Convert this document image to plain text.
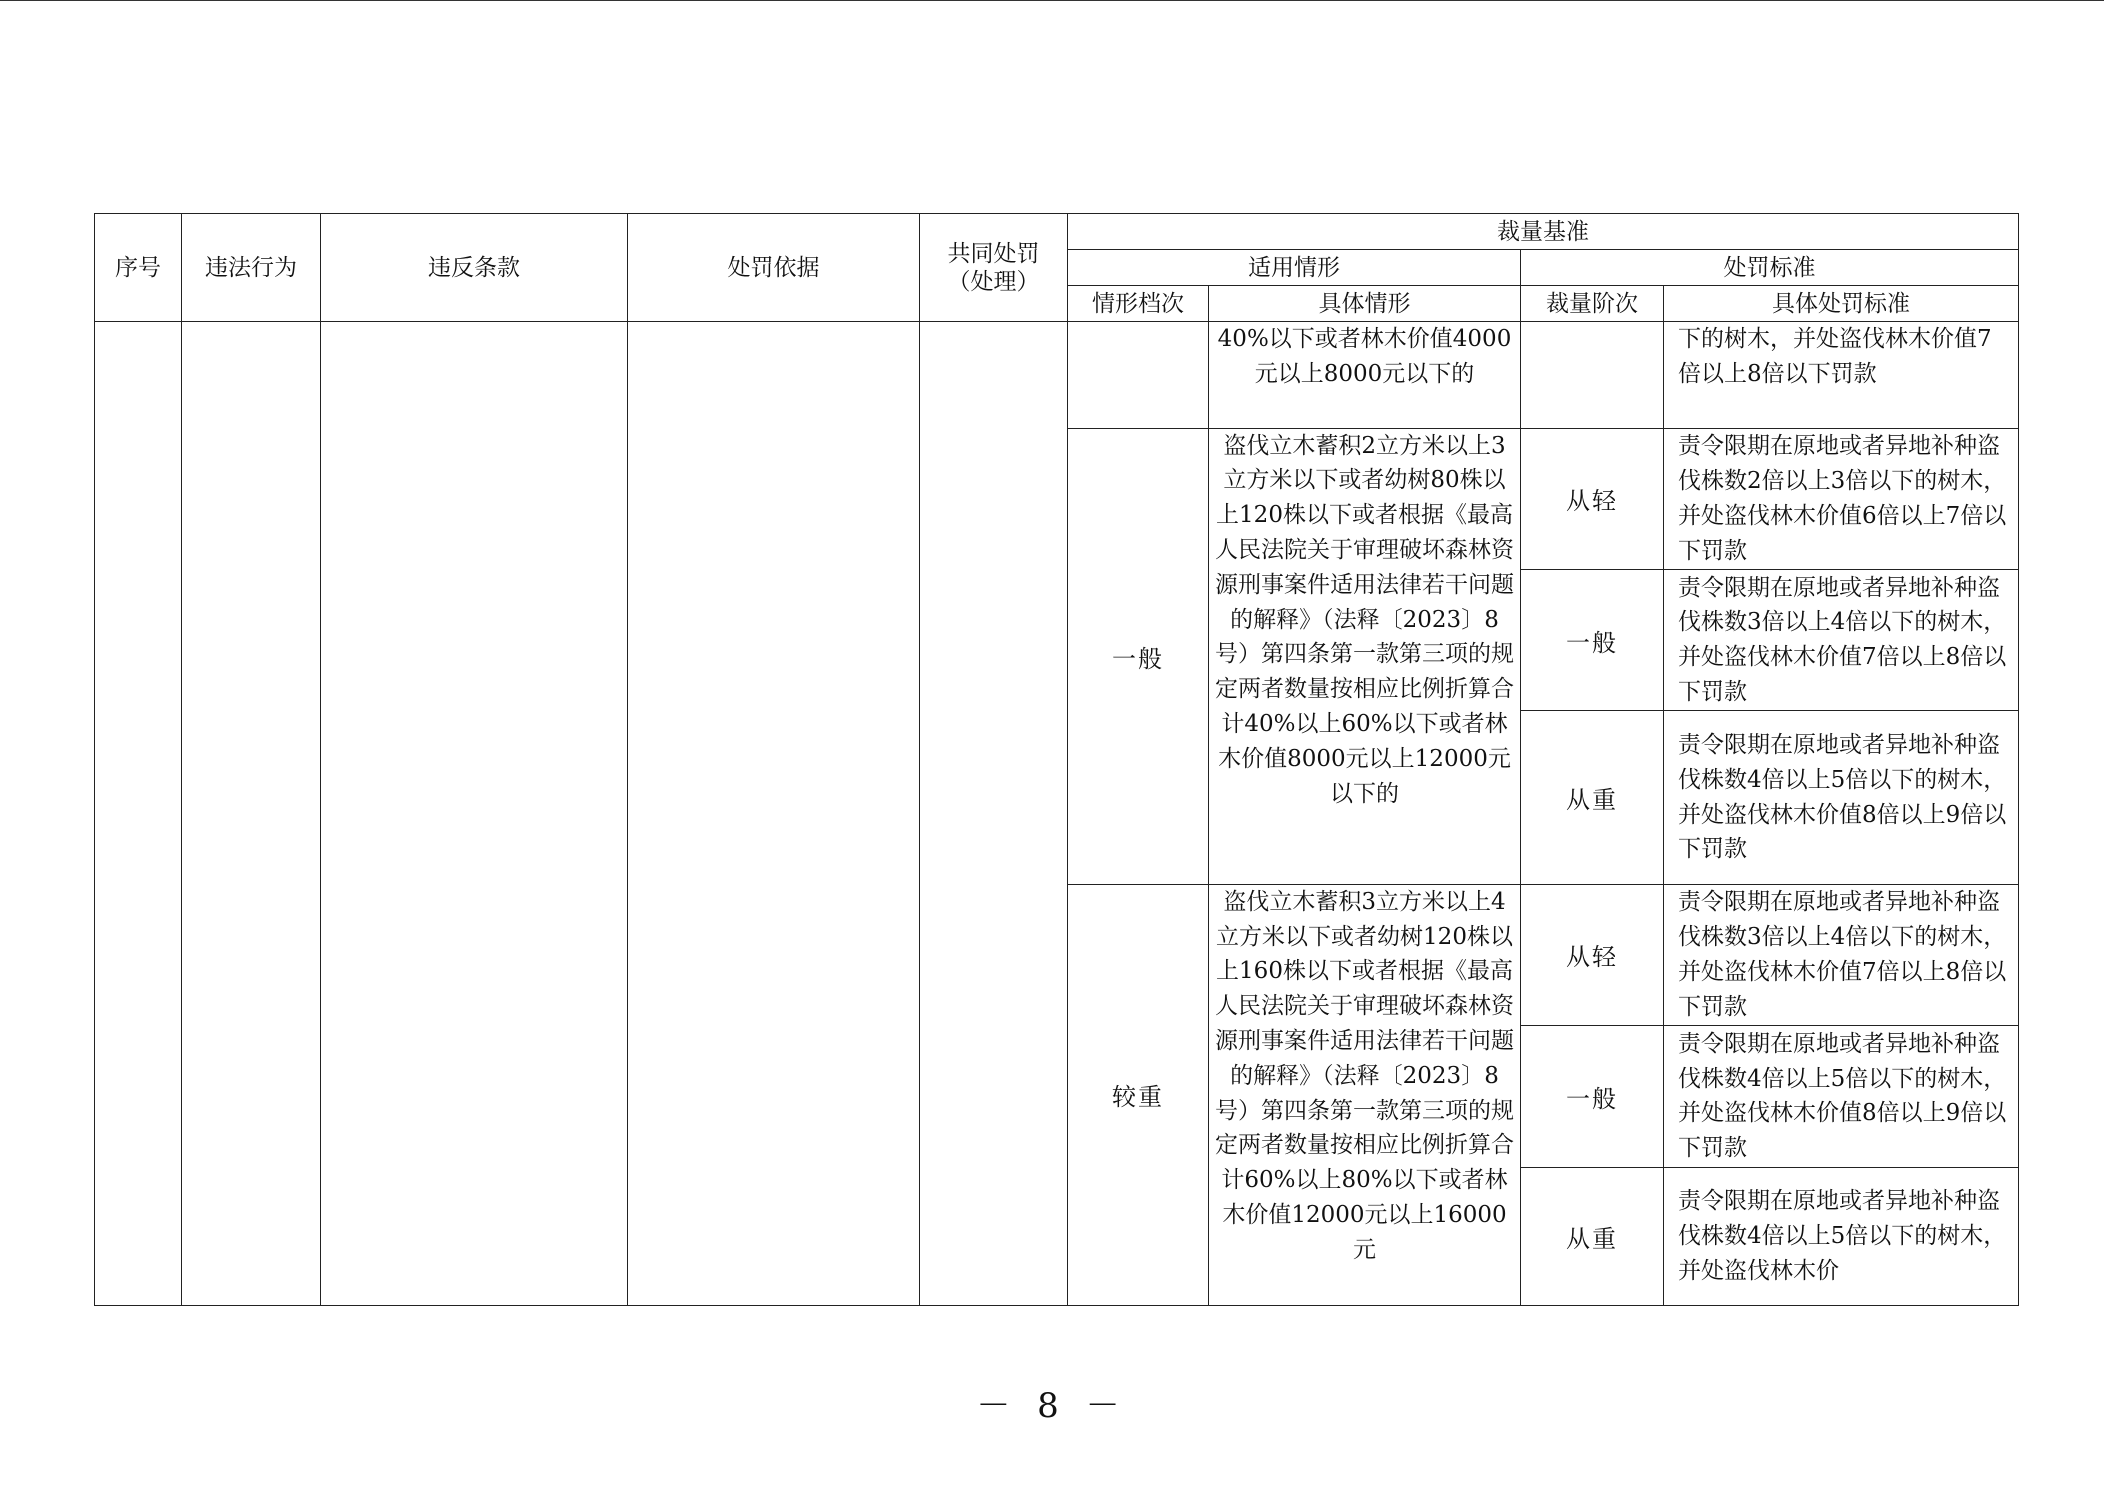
序号	违法行为	违反条款	处罚依据	共同处罚（处理）	裁量基准			
					适用情形		处罚标准	
					情形档次	具体情形	裁量阶次	具体处罚标准
						40%以下或者林木价值4000元以上8000元以下的		下的树木，并处盗伐林木价值7倍以上8倍以下罚款
					一般	盗伐立木蓄积2立方米以上3立方米以下或者幼树80株以上120株以下或者根据《最高人民法院关于审理破坏森林资源刑事案件适用法律若干问题的解释》（法释〔2023〕8号）第四条第一款第三项的规定两者数量按相应比例折算合计40%以上60%以下或者林木价值8000元以上12000元以下的	从轻	责令限期在原地或者异地补种盗伐株数2倍以上3倍以下的树木，并处盗伐林木价值6倍以上7倍以下罚款
							一般	责令限期在原地或者异地补种盗伐株数3倍以上4倍以下的树木，并处盗伐林木价值7倍以上8倍以下罚款
							从重	责令限期在原地或者异地补种盗伐株数4倍以上5倍以下的树木，并处盗伐林木价值8倍以上9倍以下罚款
					较重	盗伐立木蓄积3立方米以上4立方米以下或者幼树120株以上160株以下或者根据《最高人民法院关于审理破坏森林资源刑事案件适用法律若干问题的解释》（法释〔2023〕8号）第四条第一款第三项的规定两者数量按相应比例折算合计60%以上80%以下或者林木价值12000元以上16000元	从轻	责令限期在原地或者异地补种盗伐株数3倍以上4倍以下的树木，并处盗伐林木价值7倍以上8倍以下罚款
							一般	责令限期在原地或者异地补种盗伐株数4倍以上5倍以下的树木，并处盗伐林木价值8倍以上9倍以下罚款
							从重	责令限期在原地或者异地补种盗伐株数4倍以上5倍以下的树木，并处盗伐林木价
－ 8 －
